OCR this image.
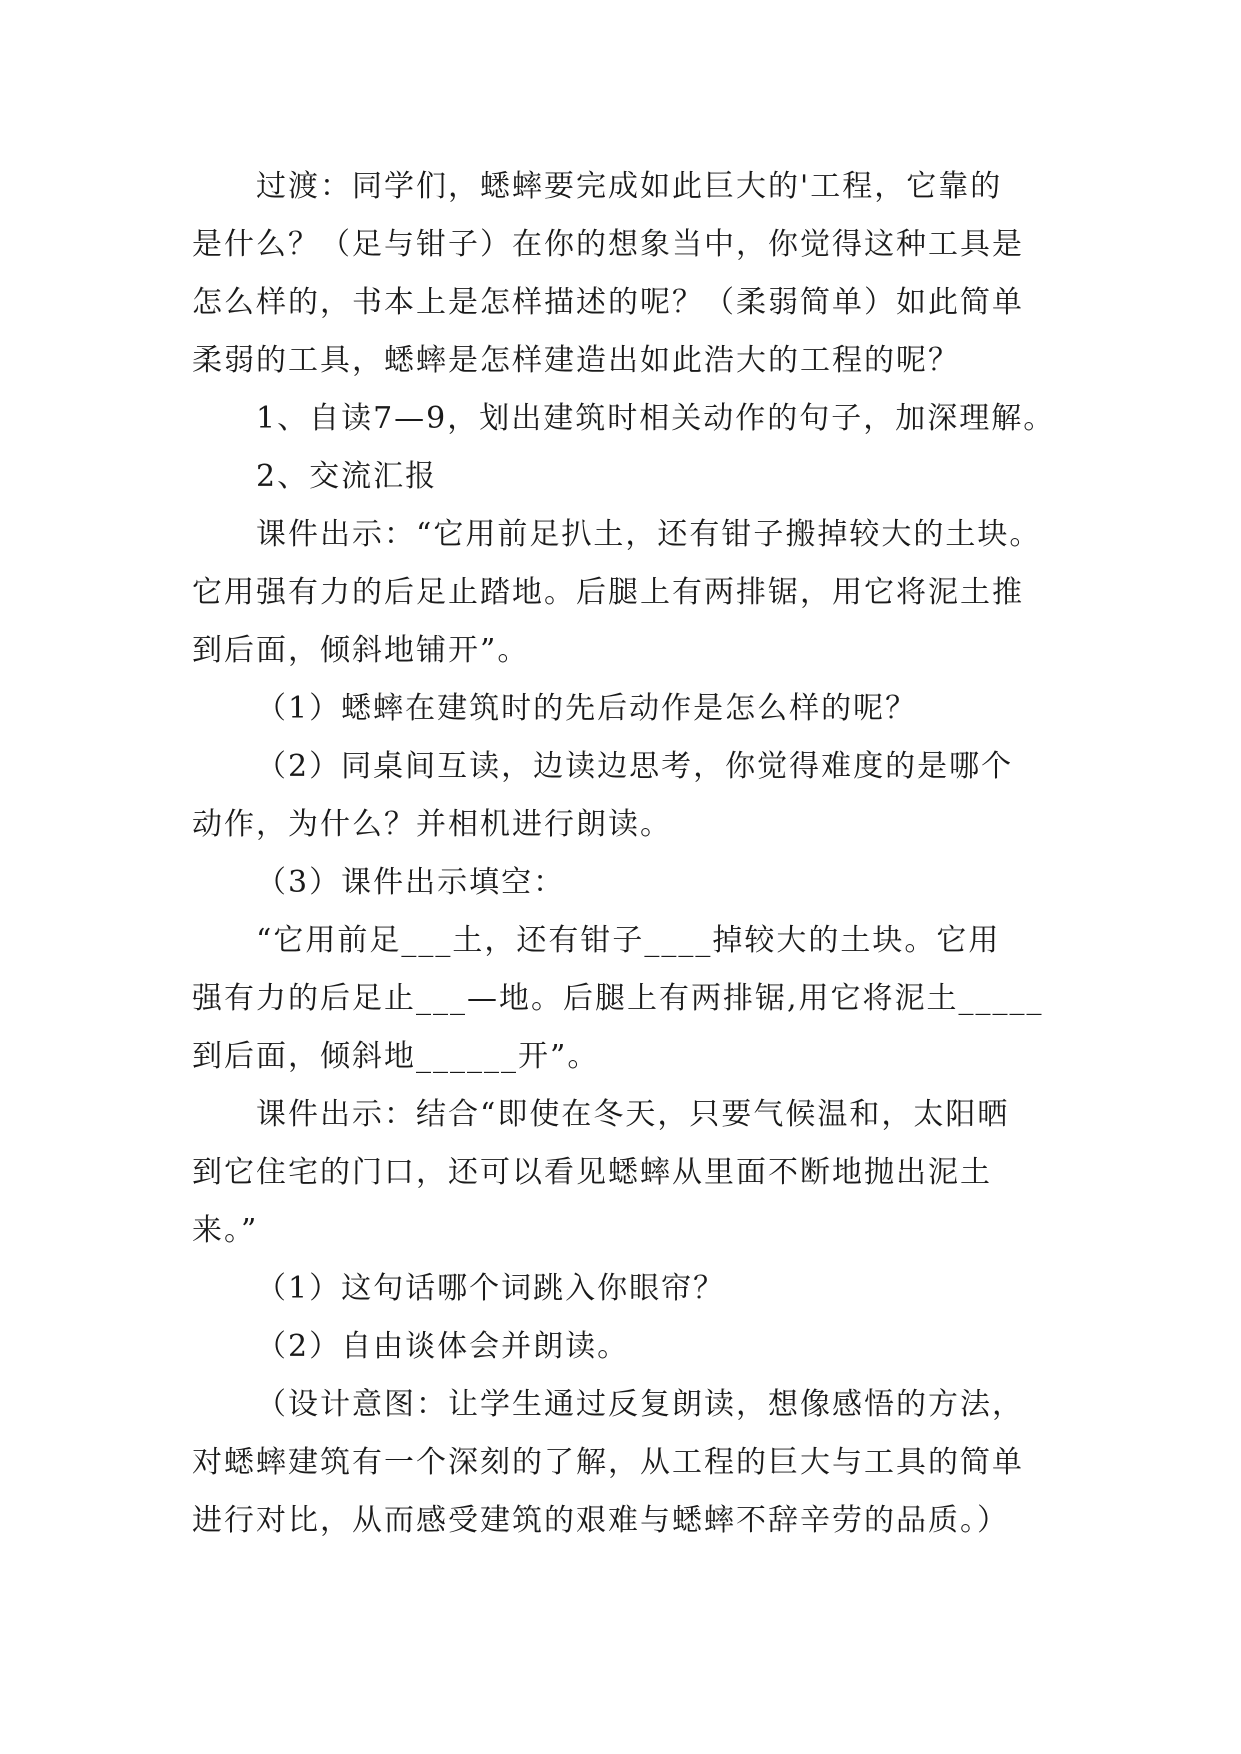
过渡：同学们，蟋蟀要完成如此巨大的'工程，它靠的
是什么？（足与钳子）在你的想象当中，你觉得这种工具是
怎么样的，书本上是怎样描述的呢？（柔弱简单）如此简单
柔弱的工具，蟋蟀是怎样建造出如此浩大的工程的呢？
1、自读7—9，划出建筑时相关动作的句子，加深理解。
2、交流汇报
课件出示：“它用前足扒土，还有钳子搬掉较大的土块。
它用强有力的后足止踏地。后腿上有两排锯，用它将泥土推
到后面，倾斜地铺开”。
（1）蟋蟀在建筑时的先后动作是怎么样的呢？
（2）同桌间互读，边读边思考，你觉得难度的是哪个
动作，为什么？并相机进行朗读。
（3）课件出示填空：
“它用前足___土，还有钳子____掉较大的土块。它用
强有力的后足止___—地。后腿上有两排锯,用它将泥土_____
到后面，倾斜地______开”。
课件出示：结合“即使在冬天，只要气候温和，太阳晒
到它住宅的门口，还可以看见蟋蟀从里面不断地抛出泥土
来。”
（1）这句话哪个词跳入你眼帘？
（2）自由谈体会并朗读。
（设计意图：让学生通过反复朗读，想像感悟的方法，
对蟋蟀建筑有一个深刻的了解，从工程的巨大与工具的简单
进行对比，从而感受建筑的艰难与蟋蟀不辞辛劳的品质。）
